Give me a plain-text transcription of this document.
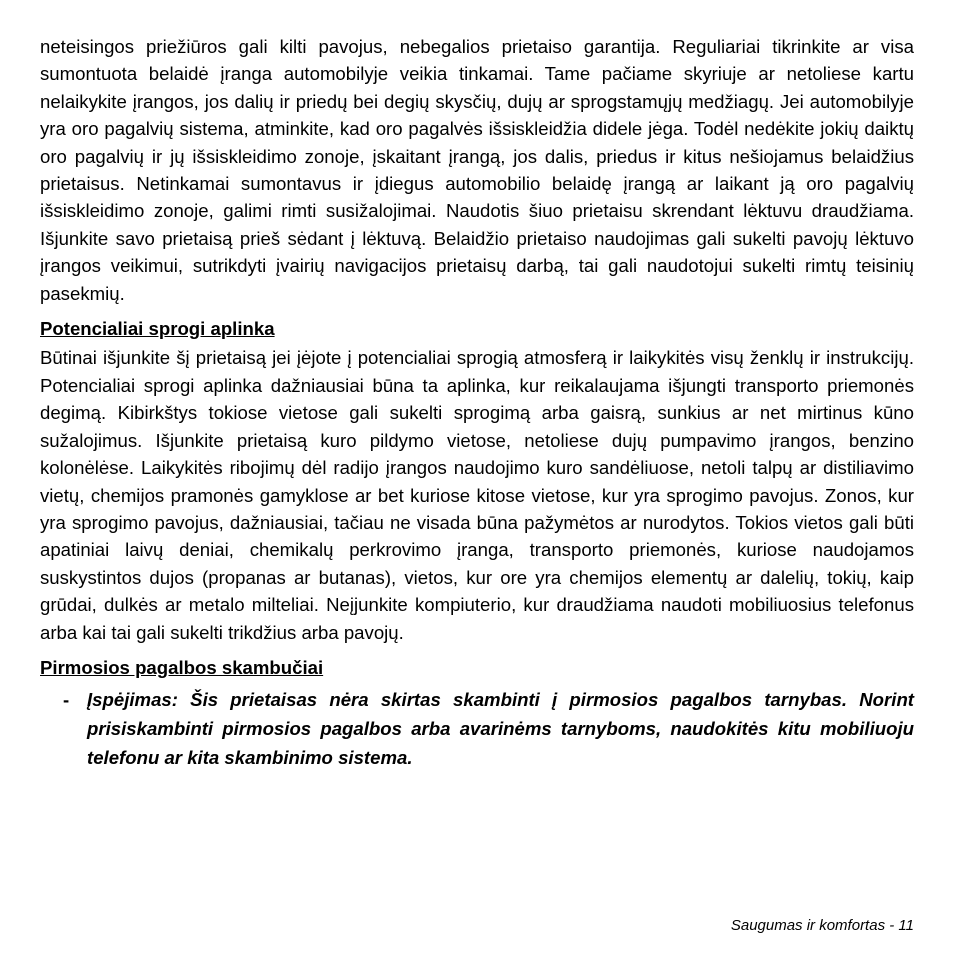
neteisingos priežiūros gali kilti pavojus, nebegalios prietaiso garantija. Reguliariai tikrinkite ar visa sumontuota belaidė įranga automobilyje veikia tinkamai. Tame pačiame skyriuje ar netoliese kartu nelaikykite įrangos, jos dalių ir priedų bei degių skysčių, dujų ar sprogstamųjų medžiagų. Jei automobilyje yra oro pagalvių sistema, atminkite, kad oro pagalvės išsiskleidžia didele jėga. Todėl nedėkite jokių daiktų oro pagalvių ir jų išsiskleidimo zonoje, įskaitant įrangą, jos dalis, priedus ir kitus nešiojamus belaidžius prietaisus. Netinkamai sumontavus ir įdiegus automobilio belaidę įrangą ar laikant ją oro pagalvių išsiskleidimo zonoje, galimi rimti susižalojimai. Naudotis šiuo prietaisu skrendant lėktuvu draudžiama. Išjunkite savo prietaisą prieš sėdant į lėktuvą. Belaidžio prietaiso naudojimas gali sukelti pavojų lėktuvo įrangos veikimui, sutrikdyti įvairių navigacijos prietaisų darbą, tai gali naudotojui sukelti rimtų teisinių pasekmių.

Potencialiai sprogi aplinka

Būtinai išjunkite šį prietaisą jei įėjote į potencialiai sprogią atmosferą ir laikykitės visų ženklų ir instrukcijų. Potencialiai sprogi aplinka dažniausiai būna ta aplinka, kur reikalaujama išjungti transporto priemonės degimą. Kibirkštys tokiose vietose gali sukelti sprogimą arba gaisrą, sunkius ar net mirtinus kūno sužalojimus. Išjunkite prietaisą kuro pildymo vietose, netoliese dujų pumpavimo įrangos, benzino kolonėlėse. Laikykitės ribojimų dėl radijo įrangos naudojimo kuro sandėliuose, netoli talpų ar distiliavimo vietų, chemijos pramonės gamyklose ar bet kuriose kitose vietose, kur yra sprogimo pavojus. Zonos, kur yra sprogimo pavojus, dažniausiai, tačiau ne visada būna pažymėtos ar nurodytos. Tokios vietos gali būti apatiniai laivų deniai, chemikalų perkrovimo įranga, transporto priemonės, kuriose naudojamos suskystintos dujos (propanas ar butanas), vietos, kur ore yra chemijos elementų ar dalelių, tokių, kaip grūdai, dulkės ar metalo milteliai. Neįjunkite kompiuterio, kur draudžiama naudoti mobiliuosius telefonus arba kai tai gali sukelti trikdžius arba pavojų.

Pirmosios pagalbos skambučiai
- Įspėjimas: Šis prietaisas nėra skirtas skambinti į pirmosios pagalbos tarnybas. Norint prisiskambinti pirmosios pagalbos arba avarinėms tarnyboms, naudokitės kitu mobiliuoju telefonu ar kita skambinimo sistema.
Saugumas ir komfortas - 11
